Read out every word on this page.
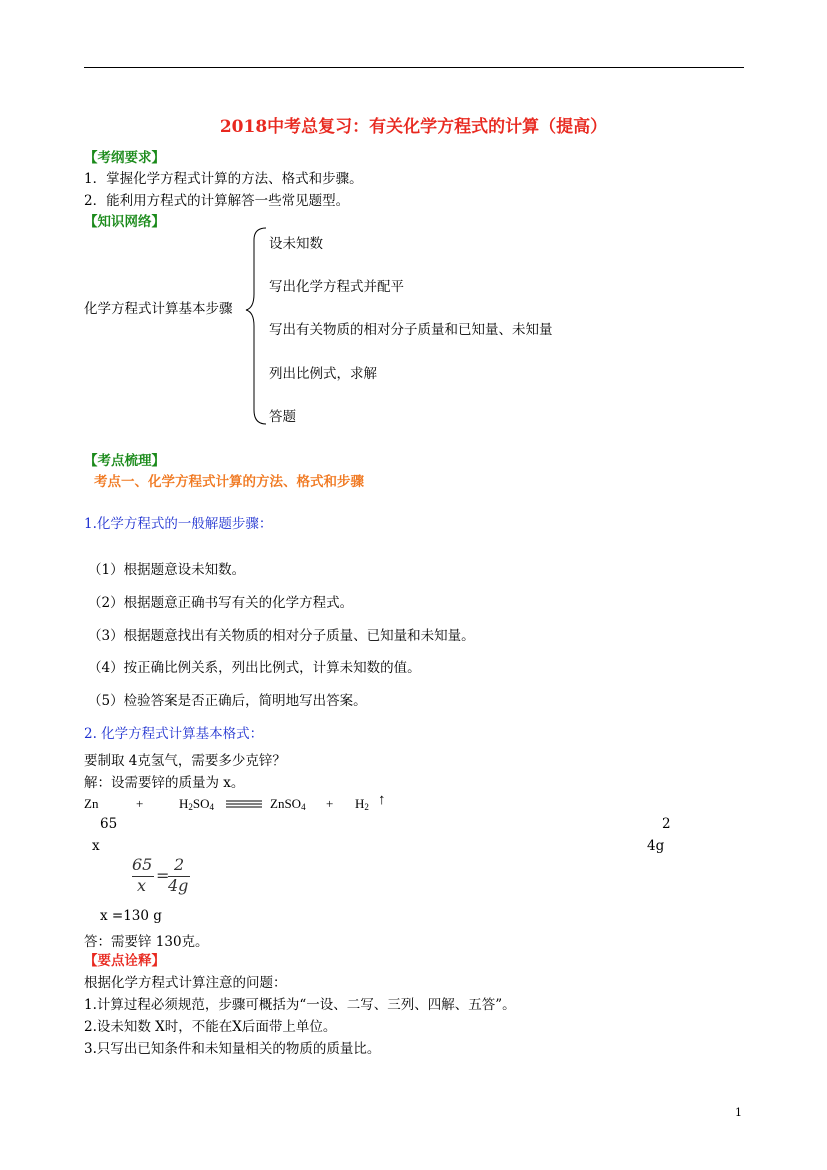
2018中考总复习：有关化学方程式的计算（提高）
【考纲要求】
1．掌握化学方程式计算的方法、格式和步骤。
2．能利用方程式的计算解答一些常见题型。
【知识网络】
化学方程式计算基本步骤
设未知数
写出化学方程式并配平
写出有关物质的相对分子质量和已知量、未知量
列出比例式，求解
答题
【考点梳理】
考点一、化学方程式计算的方法、格式和步骤
1.化学方程式的一般解题步骤：
（1）根据题意设未知数。
（2）根据题意正确书写有关的化学方程式。
（3）根据题意找出有关物质的相对分子质量、已知量和未知量。
（4）按正确比例关系，列出比例式，计算未知数的值。
（5）检验答案是否正确后，简明地写出答案。
2. 化学方程式计算基本格式：
要制取 4克氢气，需要多少克锌？
解：设需要锌的质量为 x。
Zn	+	$H_2SO_4$	ZnSO$_4$ + $H_2$ ↑
65	2
x	4g
65
x
=
2
4g
x =130 g
答：需要锌 130克。
【要点诠释】
根据化学方程式计算注意的问题：
1.计算过程必须规范，步骤可概括为“一设、二写、三列、四解、五答”。
2.设未知数 X时，不能在X后面带上单位。
3.只写出已知条件和未知量相关的物质的质量比。
1
